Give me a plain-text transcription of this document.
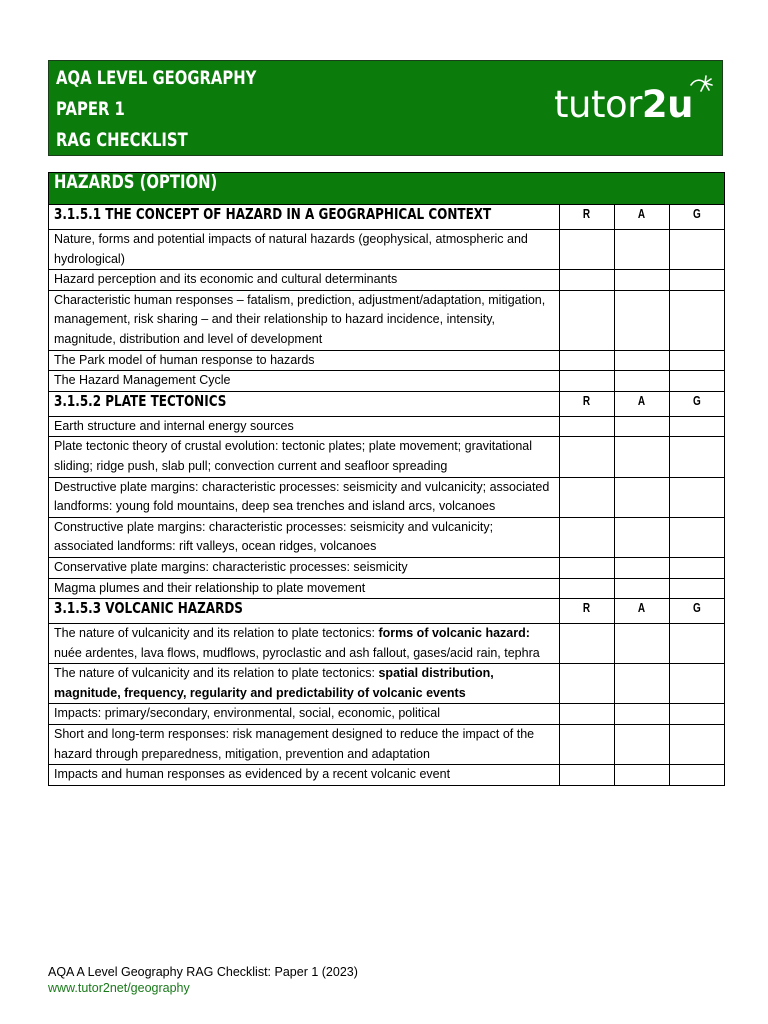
AQA LEVEL GEOGRAPHY
PAPER 1
RAG CHECKLIST
tutor2u
HAZARDS (OPTION)			
3.1.5.1 THE CONCEPT OF HAZARD IN A GEOGRAPHICAL CONTEXT	R	A	G
Nature, forms and potential impacts of natural hazards (geophysical, atmospheric and hydrological)			
Hazard perception and its economic and cultural determinants			
Characteristic human responses – fatalism, prediction, adjustment/adaptation, mitigation, management, risk sharing – and their relationship to hazard incidence, intensity, magnitude, distribution and level of development			
The Park model of human response to hazards			
The Hazard Management Cycle			
3.1.5.2 PLATE TECTONICS	R	A	G
Earth structure and internal energy sources			
Plate tectonic theory of crustal evolution: tectonic plates; plate movement; gravitational sliding; ridge push, slab pull; convection current and seafloor spreading			
Destructive plate margins: characteristic processes: seismicity and vulcanicity; associated landforms: young fold mountains, deep sea trenches and island arcs, volcanoes			
Constructive plate margins: characteristic processes: seismicity and vulcanicity; associated landforms: rift valleys, ocean ridges, volcanoes			
Conservative plate margins: characteristic processes: seismicity			
Magma plumes and their relationship to plate movement			
3.1.5.3 VOLCANIC HAZARDS	R	A	G
The nature of vulcanicity and its relation to plate tectonics: forms of volcanic hazard: nuée ardentes, lava flows, mudflows, pyroclastic and ash fallout, gases/acid rain, tephra			
The nature of vulcanicity and its relation to plate tectonics: spatial distribution, magnitude, frequency, regularity and predictability of volcanic events			
Impacts: primary/secondary, environmental, social, economic, political			
Short and long-term responses: risk management designed to reduce the impact of the hazard through preparedness, mitigation, prevention and adaptation			
Impacts and human responses as evidenced by a recent volcanic event			
AQA A Level Geography RAG Checklist: Paper 1 (2023)
www.tutor2net/geography
